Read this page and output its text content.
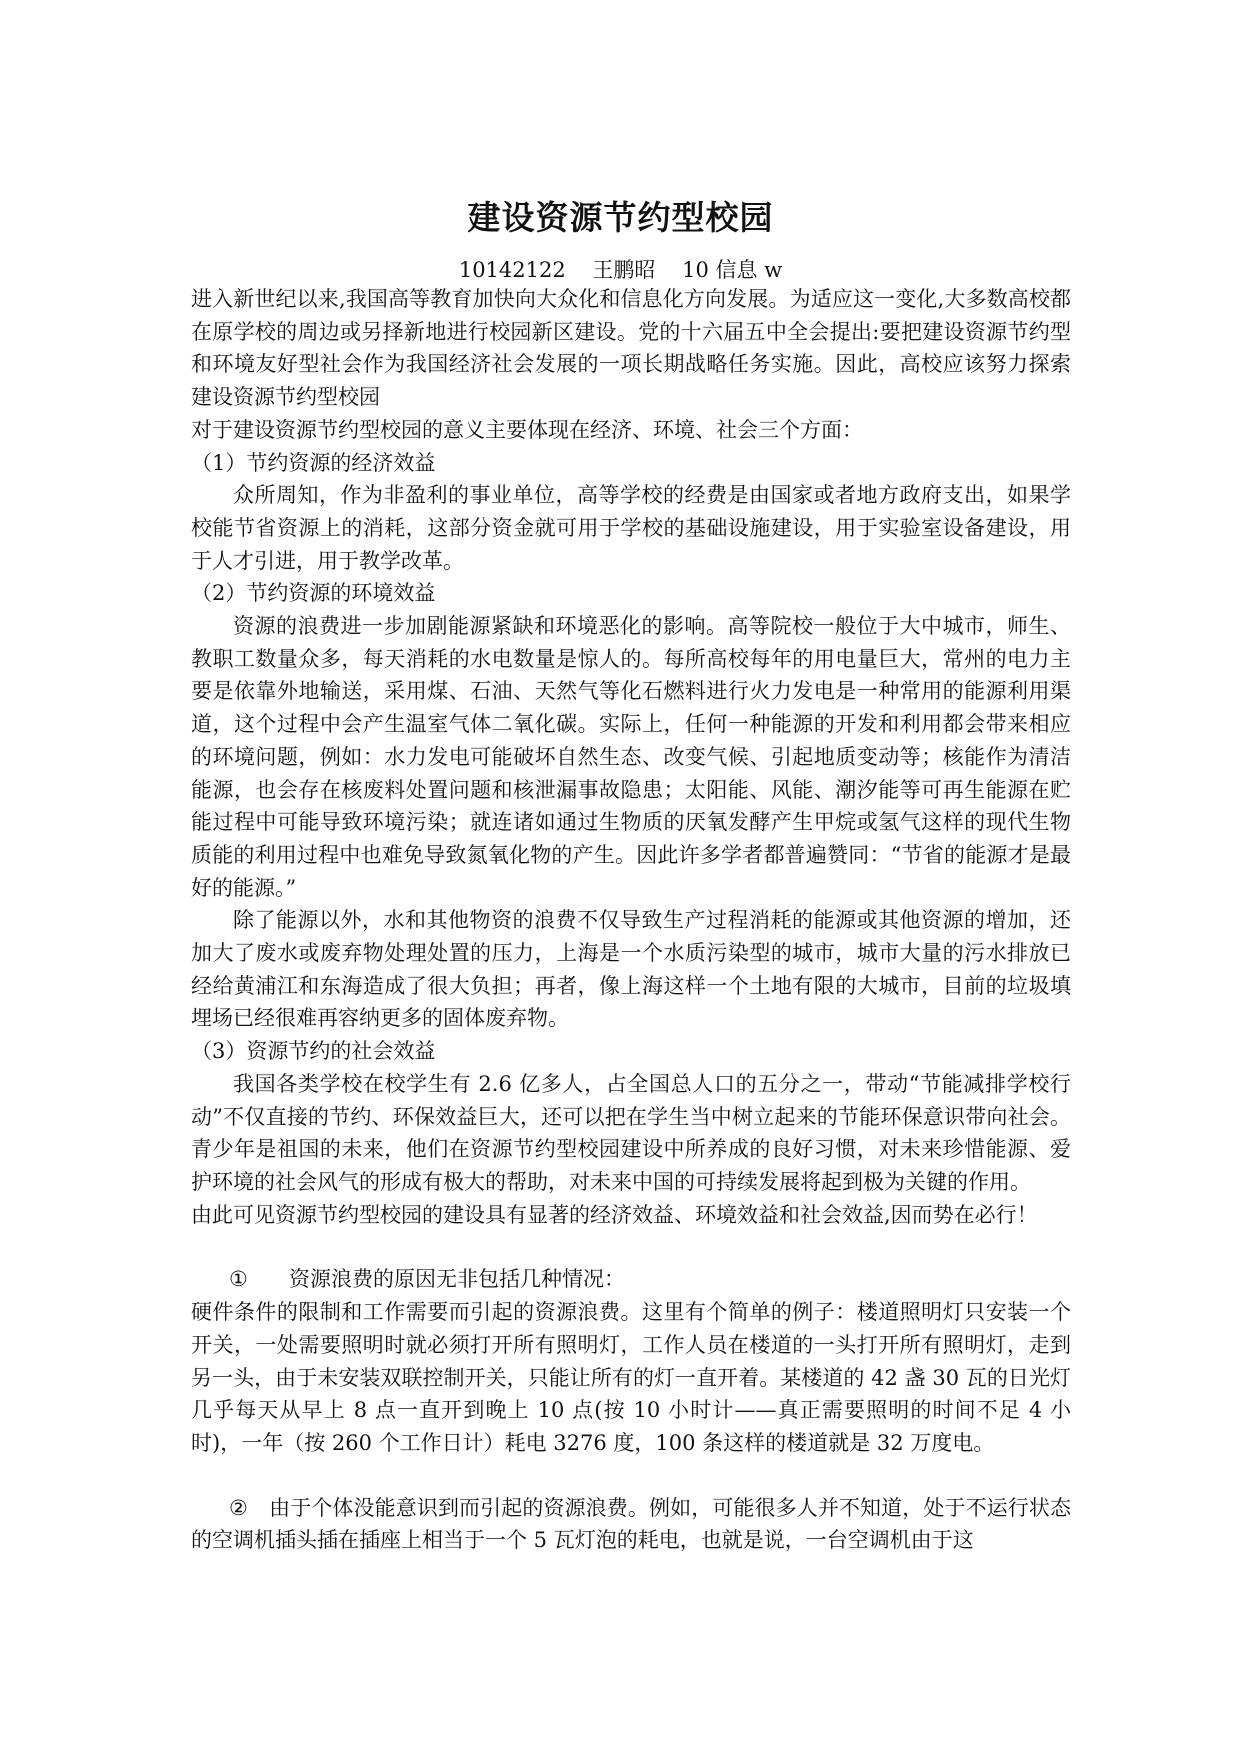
建设资源节约型校园
10142122    王鹏昭    10 信息 w

进入新世纪以来,我国高等教育加快向大众化和信息化方向发展。为适应这一变化,大多数高校都在原学校的周边或另择新地进行校园新区建设。党的十六届五中全会提出:要把建设资源节约型和环境友好型社会作为我国经济社会发展的一项长期战略任务实施。因此，高校应该努力探索建设资源节约型校园

对于建设资源节约型校园的意义主要体现在经济、环境、社会三个方面：

（1）节约资源的经济效益

众所周知，作为非盈利的事业单位，高等学校的经费是由国家或者地方政府支出，如果学校能节省资源上的消耗，这部分资金就可用于学校的基础设施建设，用于实验室设备建设，用于人才引进，用于教学改革。

（2）节约资源的环境效益

资源的浪费进一步加剧能源紧缺和环境恶化的影响。高等院校一般位于大中城市，师生、教职工数量众多，每天消耗的水电数量是惊人的。每所高校每年的用电量巨大，常州的电力主要是依靠外地输送，采用煤、石油、天然气等化石燃料进行火力发电是一种常用的能源利用渠道，这个过程中会产生温室气体二氧化碳。实际上，任何一种能源的开发和利用都会带来相应的环境问题，例如：水力发电可能破坏自然生态、改变气候、引起地质变动等；核能作为清洁能源，也会存在核废料处置问题和核泄漏事故隐患；太阳能、风能、潮汐能等可再生能源在贮能过程中可能导致环境污染；就连诸如通过生物质的厌氧发酵产生甲烷或氢气这样的现代生物质能的利用过程中也难免导致氮氧化物的产生。因此许多学者都普遍赞同：“节省的能源才是最好的能源。”

除了能源以外，水和其他物资的浪费不仅导致生产过程消耗的能源或其他资源的增加，还加大了废水或废弃物处理处置的压力，上海是一个水质污染型的城市，城市大量的污水排放已经给黄浦江和东海造成了很大负担；再者，像上海这样一个土地有限的大城市，目前的垃圾填埋场已经很难再容纳更多的固体废弃物。

（3）资源节约的社会效益

我国各类学校在校学生有 2.6 亿多人，占全国总人口的五分之一，带动“节能减排学校行动”不仅直接的节约、环保效益巨大，还可以把在学生当中树立起来的节能环保意识带向社会。青少年是祖国的未来，他们在资源节约型校园建设中所养成的良好习惯，对未来珍惜能源、爱护环境的社会风气的形成有极大的帮助，对未来中国的可持续发展将起到极为关键的作用。

由此可见资源节约型校园的建设具有显著的经济效益、环境效益和社会效益,因而势在必行！

①	资源浪费的原因无非包括几种情况：

硬件条件的限制和工作需要而引起的资源浪费。这里有个简单的例子：楼道照明灯只安装一个开关，一处需要照明时就必须打开所有照明灯，工作人员在楼道的一头打开所有照明灯，走到另一头，由于未安装双联控制开关，只能让所有的灯一直开着。某楼道的 42 盏 30 瓦的日光灯几乎每天从早上 8 点一直开到晚上 10 点(按 10 小时计——真正需要照明的时间不足 4 小时)，一年（按 260 个工作日计）耗电 3276 度，100 条这样的楼道就是 32 万度电。

② 由于个体没能意识到而引起的资源浪费。例如，可能很多人并不知道，处于不运行状态的空调机插头插在插座上相当于一个 5 瓦灯泡的耗电，也就是说，一台空调机由于这
